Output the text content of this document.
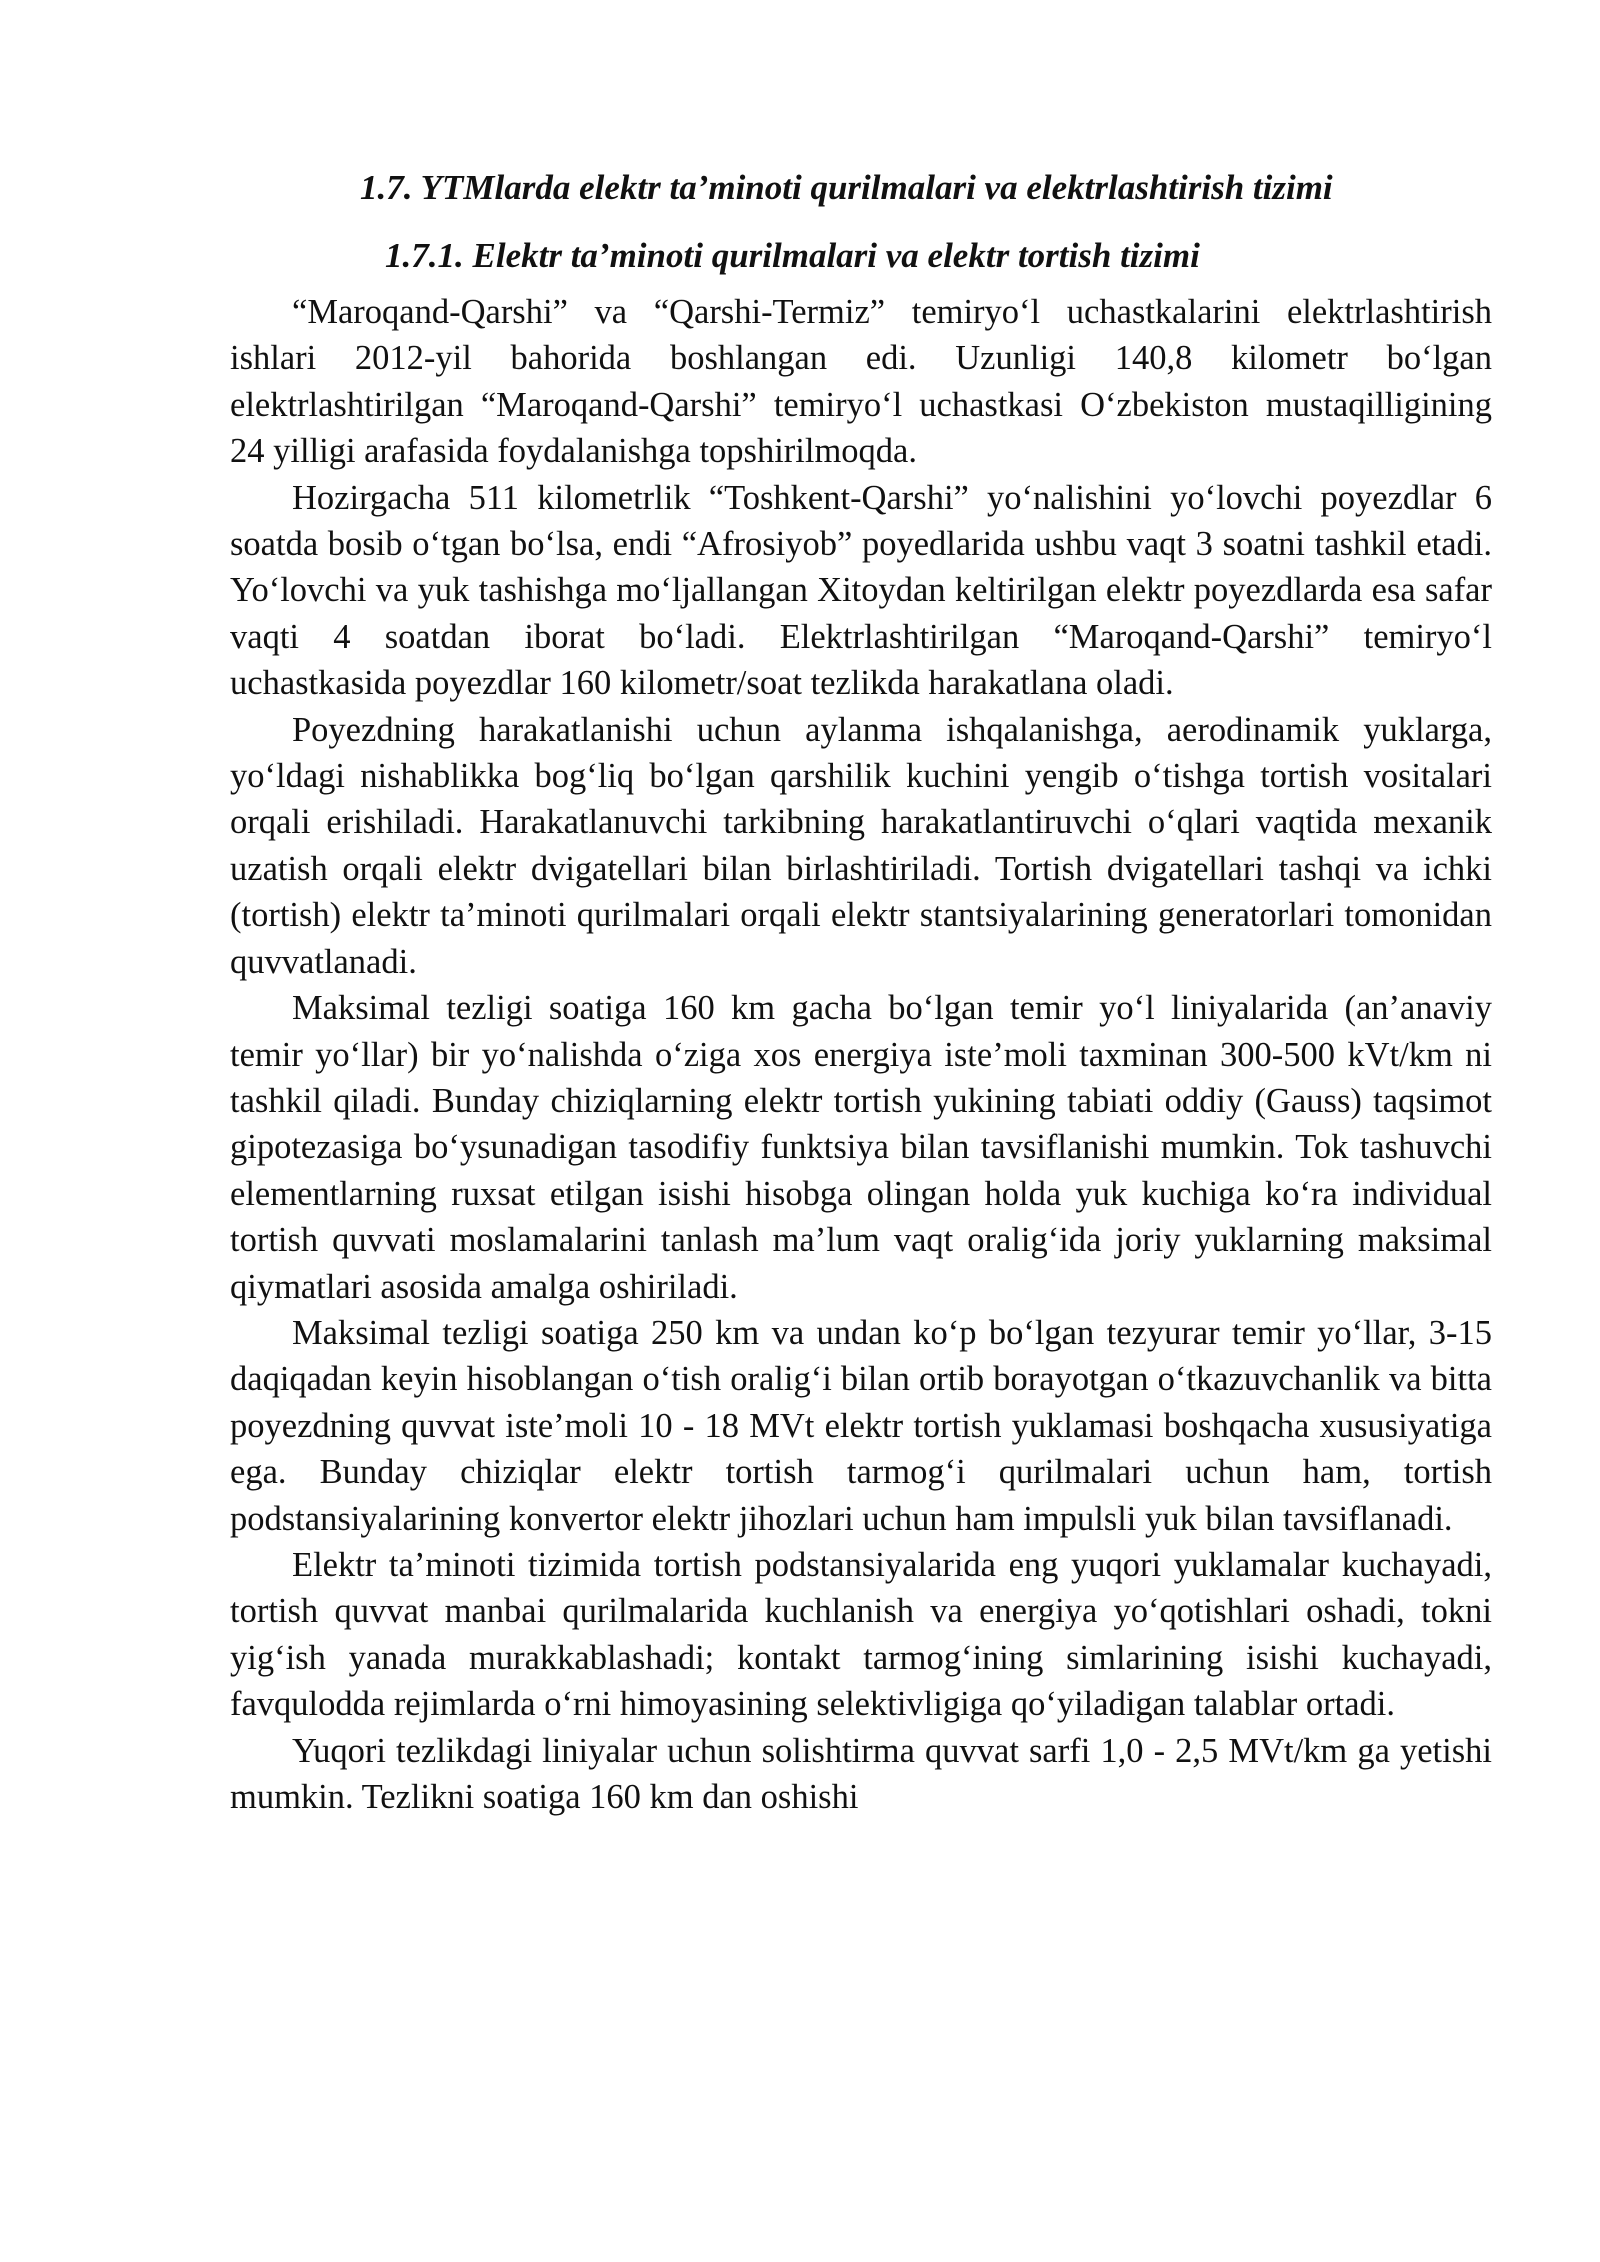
1.7. YTMlarda elektr ta’minoti qurilmalari va elektrlashtirish tizimi
1.7.1. Elektr ta’minoti qurilmalari va elektr tortish tizimi

“Maroqand-Qarshi” va “Qarshi-Termiz” temiryo‘l uchastkalarini elektrlashtirish ishlari 2012-yil bahorida boshlangan edi. Uzunligi 140,8 kilometr bo‘lgan elektrlashtirilgan “Maroqand-Qarshi” temiryo‘l uchastkasi O‘zbekiston mustaqilligining 24 yilligi arafasida foydalanishga topshirilmoqda.

Hozirgacha 511 kilometrlik “Toshkent-Qarshi” yo‘nalishini yo‘lovchi poyezdlar 6 soatda bosib o‘tgan bo‘lsa, endi “Afrosiyob” poyedlarida ushbu vaqt 3 soatni tashkil etadi. Yo‘lovchi va yuk tashishga mo‘ljallangan Xitoydan keltirilgan elektr poyezdlarda esa safar vaqti 4 soatdan iborat bo‘ladi. Elektrlashtirilgan “Maroqand-Qarshi” temiryo‘l uchastkasida poyezdlar 160 kilometr/soat tezlikda harakatlana oladi.

Poyezdning harakatlanishi uchun aylanma ishqalanishga, aerodinamik yuklarga, yo‘ldagi nishablikka bog‘liq bo‘lgan qarshilik kuchini yengib o‘tishga tortish vositalari orqali erishiladi. Harakatlanuvchi tarkibning harakatlantiruvchi o‘qlari vaqtida mexanik uzatish orqali elektr dvigatellari bilan birlashtiriladi. Tortish dvigatellari tashqi va ichki (tortish) elektr ta’minoti qurilmalari orqali elektr stantsiyalarining generatorlari tomonidan quvvatlanadi.

Maksimal tezligi soatiga 160 km gacha bo‘lgan temir yo‘l liniyalarida (an’anaviy temir yo‘llar) bir yo‘nalishda o‘ziga xos energiya iste’moli taxminan 300-500 kVt/km ni tashkil qiladi. Bunday chiziqlarning elektr tortish yukining tabiati oddiy (Gauss) taqsimot gipotezasiga bo‘ysunadigan tasodifiy funktsiya bilan tavsiflanishi mumkin. Tok tashuvchi elementlarning ruxsat etilgan isishi hisobga olingan holda yuk kuchiga ko‘ra individual tortish quvvati moslamalarini tanlash ma’lum vaqt oralig‘ida joriy yuklarning maksimal qiymatlari asosida amalga oshiriladi.

Maksimal tezligi soatiga 250 km va undan ko‘p bo‘lgan tezyurar temir yo‘llar, 3-15 daqiqadan keyin hisoblangan o‘tish oralig‘i bilan ortib borayotgan o‘tkazuvchanlik va bitta poyezdning quvvat iste’moli 10 - 18 MVt elektr tortish yuklamasi boshqacha xususiyatiga ega. Bunday chiziqlar elektr tortish tarmog‘i qurilmalari uchun ham, tortish podstansiyalarining konvertor elektr jihozlari uchun ham impulsli yuk bilan tavsiflanadi.

Elektr ta’minoti tizimida tortish podstansiyalarida eng yuqori yuklamalar kuchayadi, tortish quvvat manbai qurilmalarida kuchlanish va energiya yo‘qotishlari oshadi, tokni yig‘ish yanada murakkablashadi; kontakt tarmog‘ining simlarining isishi kuchayadi, favqulodda rejimlarda o‘rni himoyasining selektivligiga qo‘yiladigan talablar ortadi.

Yuqori tezlikdagi liniyalar uchun solishtirma quvvat sarfi 1,0 - 2,5 MVt/km ga yetishi mumkin. Tezlikni soatiga 160 km dan oshishi
